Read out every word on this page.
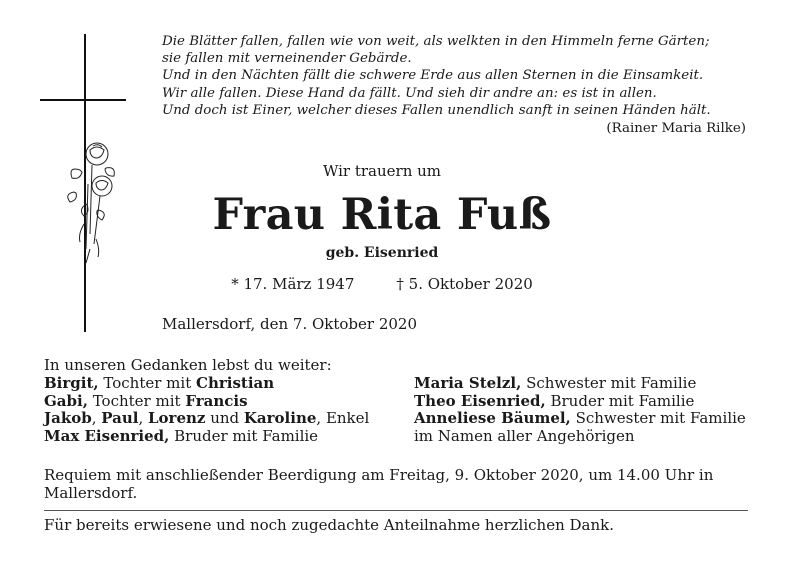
Die Blätter fallen, fallen wie von weit, als welkten in den Himmeln ferne Gärten;
sie fallen mit verneinender Gebärde.
Und in den Nächten fällt die schwere Erde aus allen Sternen in die Einsamkeit.
Wir alle fallen. Diese Hand da fällt. Und sieh dir andre an: es ist in allen.
Und doch ist Einer, welcher dieses Fallen unendlich sanft in seinen Händen hält.
(Rainer Maria Rilke)
Wir trauern um
Frau Rita Fuß
geb. Eisenried
* 17. März 1947	† 5. Oktober 2020
Mallersdorf, den 7. Oktober 2020
In unseren Gedanken lebst du weiter:
Birgit, Tochter mit Christian
Gabi, Tochter mit Francis
Jakob, Paul, Lorenz und Karoline, Enkel
Max Eisenried, Bruder mit Familie
Maria Stelzl, Schwester mit Familie
Theo Eisenried, Bruder mit Familie
Anneliese Bäumel, Schwester mit Familie
im Namen aller Angehörigen
Requiem mit anschließender Beerdigung am Freitag, 9. Oktober 2020, um 14.00 Uhr in Mallersdorf.
Für bereits erwiesene und noch zugedachte Anteilnahme herzlichen Dank.
